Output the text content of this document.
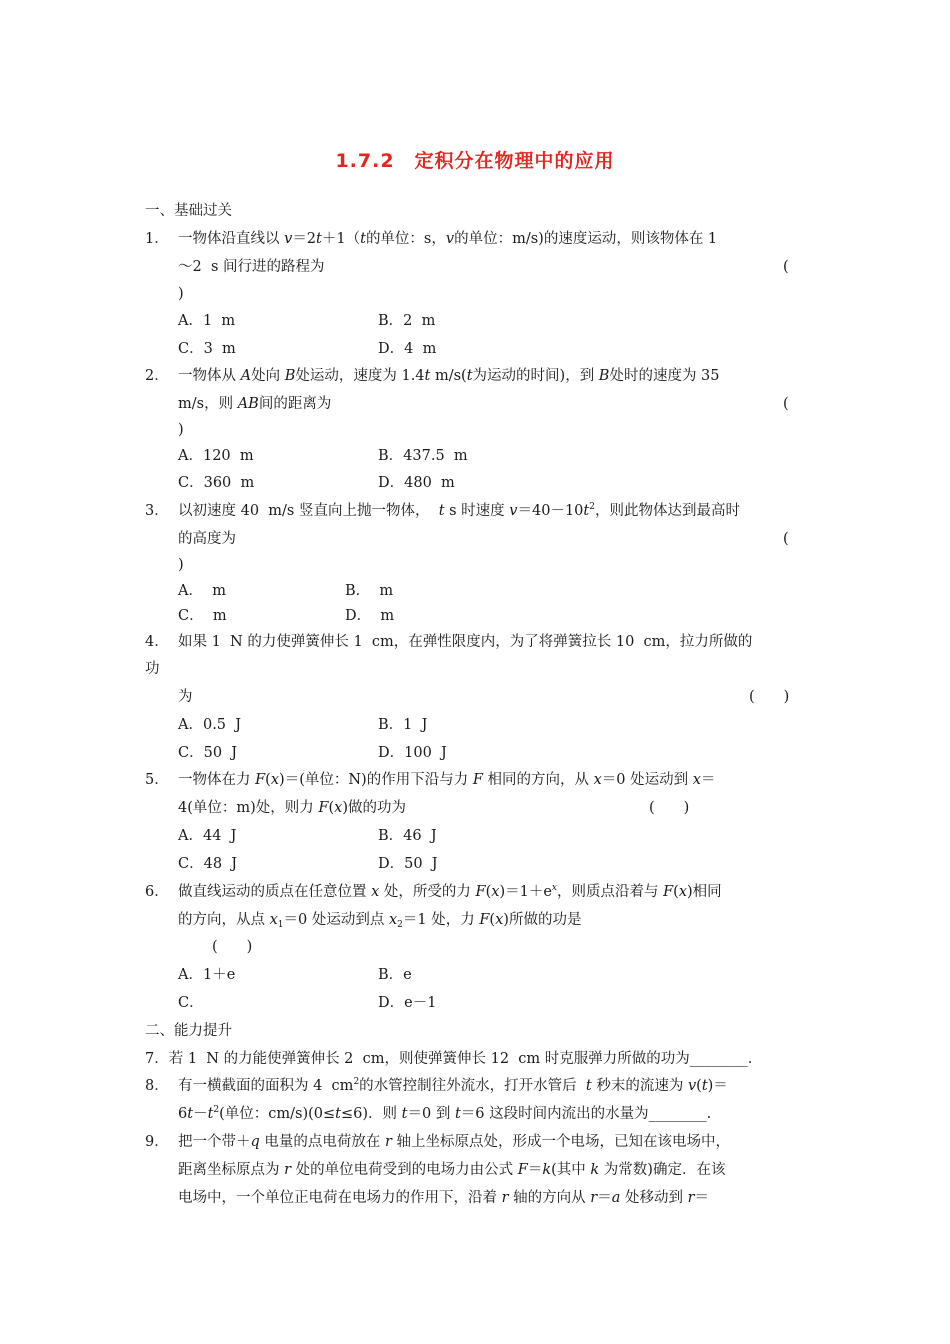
1.7.2　定积分在物理中的应用
一、基础过关
1． 一物体沿直线以 v＝2t＋1（t的单位：s，v的单位：m/s)的速度运动，则该物体在 1
～2  s 间行进的路程为	(
)
A．1  m	B．2  m
C．3  m	D．4  m
2． 一物体从 A处向 B处运动，速度为 1.4t m/s(t为运动的时间)，到 B处时的速度为 35
m/s，则 AB间的距离为	(
)
A．120  m	B．437.5  m
C．360  m	D．480  m
3． 以初速度 40  m/s 竖直向上抛一物体，  t s 时速度 $v=40-10t^2$，则此物体达到最高时
的高度为	(
)
A．  m	B．  m
C．  m	D．  m
4． 如果 1  N 的力使弹簧伸长 1  cm，在弹性限度内，为了将弹簧拉长 10  cm，拉力所做的
功
为	(　　)
A．0.5  J	B．1  J
C．50  J	D．100  J
5． 一物体在力 F(x)＝(单位：N)的作用下沿与力 F 相同的方向，从 x＝0 处运动到 x＝
4(单位：m)处，则力 F(x)做的功为	(　　)
A．44  J	B．46  J
C．48  J	D．50  J
6． 做直线运动的质点在任意位置 x 处，所受的力 $F(x)=1+e^x$，则质点沿着与 F(x)相同
的方向，从点 $x_1=0$ 处运动到点 $x_2=1$ 处，力 F(x)所做的功是
(　　)
A．1＋e	B．e
C．	D．e－1
二、能力提升
7．若 1  N 的力能使弹簧伸长 2  cm，则使弹簧伸长 12  cm 时克服弹力所做的功为________.
8． 有一横截面的面积为 4  $cm^2$的水管控制往外流水，打开水管后  t 秒末的流速为 v(t)＝
$6t-t^2$(单位：cm/s)(0≤t≤6)．则 t＝0 到 t＝6 这段时间内流出的水量为________.
9． 把一个带＋q 电量的点电荷放在 r 轴上坐标原点处，形成一个电场，已知在该电场中，
距离坐标原点为 r 处的单位电荷受到的电场力由公式 F＝k(其中 k 为常数)确定．在该
电场中，一个单位正电荷在电场力的作用下，沿着 r 轴的方向从 r＝a 处移动到 r＝
